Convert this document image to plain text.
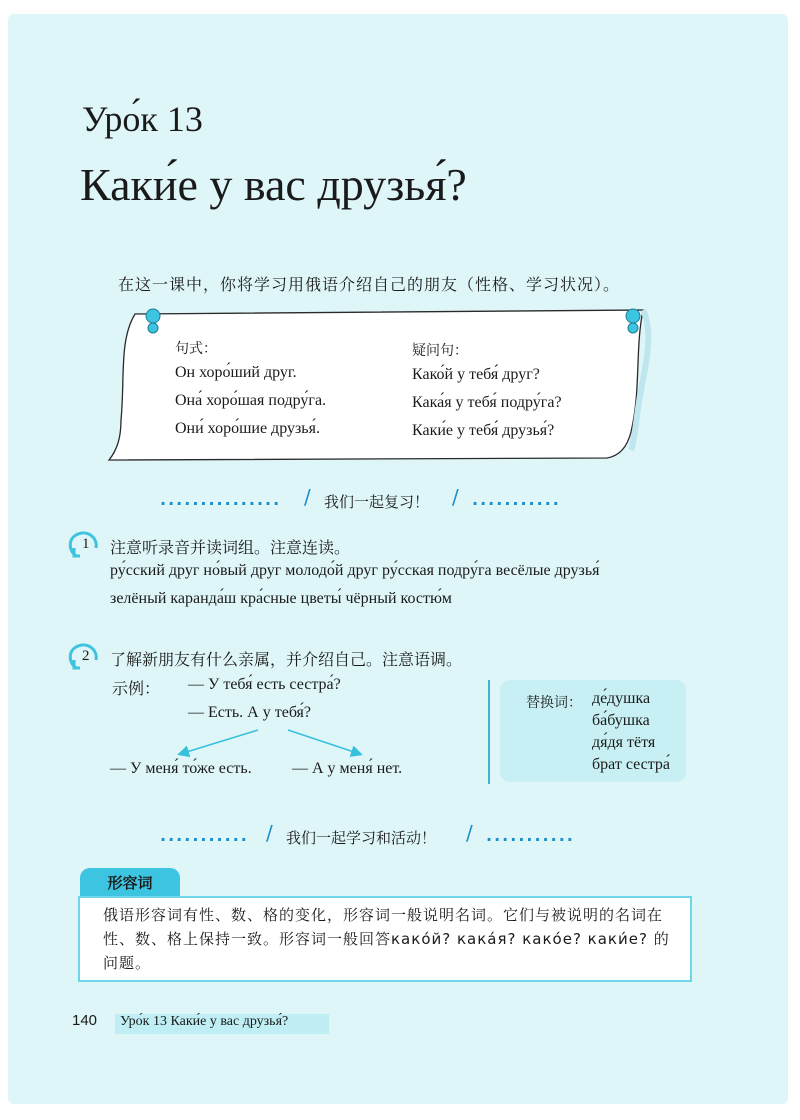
Уро́к 13
Каки́е у вас друзья́?
在这一课中，你将学习用俄语介绍自己的朋友（性格、学习状况）。
句式：
Он хоро́ший друг.
Она́ хоро́шая подру́га.
Они́ хоро́шие друзья́.
疑问句：
Како́й у тебя́ друг?
Кака́я у тебя́ подру́га?
Каки́е у тебя́ друзья́?
............... / 我们一起复习！ / ...........
1 注意听录音并读词组。注意连读。
ру́сский друг но́вый друг молодо́й друг ру́сская подру́га весёлые друзья́
зелёный каранда́ш кра́сные цветы́ чёрный костю́м
2 了解新朋友有什么亲属，并介绍自己。注意语调。
示例： — У тебя́ есть сестра́?
— Есть. А у тебя́?
— У меня́ то́же есть.	— А у меня́ нет.
替换词： де́душка
ба́бушка
дя́дя тётя
брат сестра́
........... / 我们一起学习和活动！ / ...........
形容词
俄语形容词有性、数、格的变化，形容词一般说明名词。它们与被说明的名词在性、数、格上保持一致。形容词一般回答како́й? кака́я? како́е? каки́е? 的问题。
140 Уро́к 13 Каки́е у вас друзья́?
